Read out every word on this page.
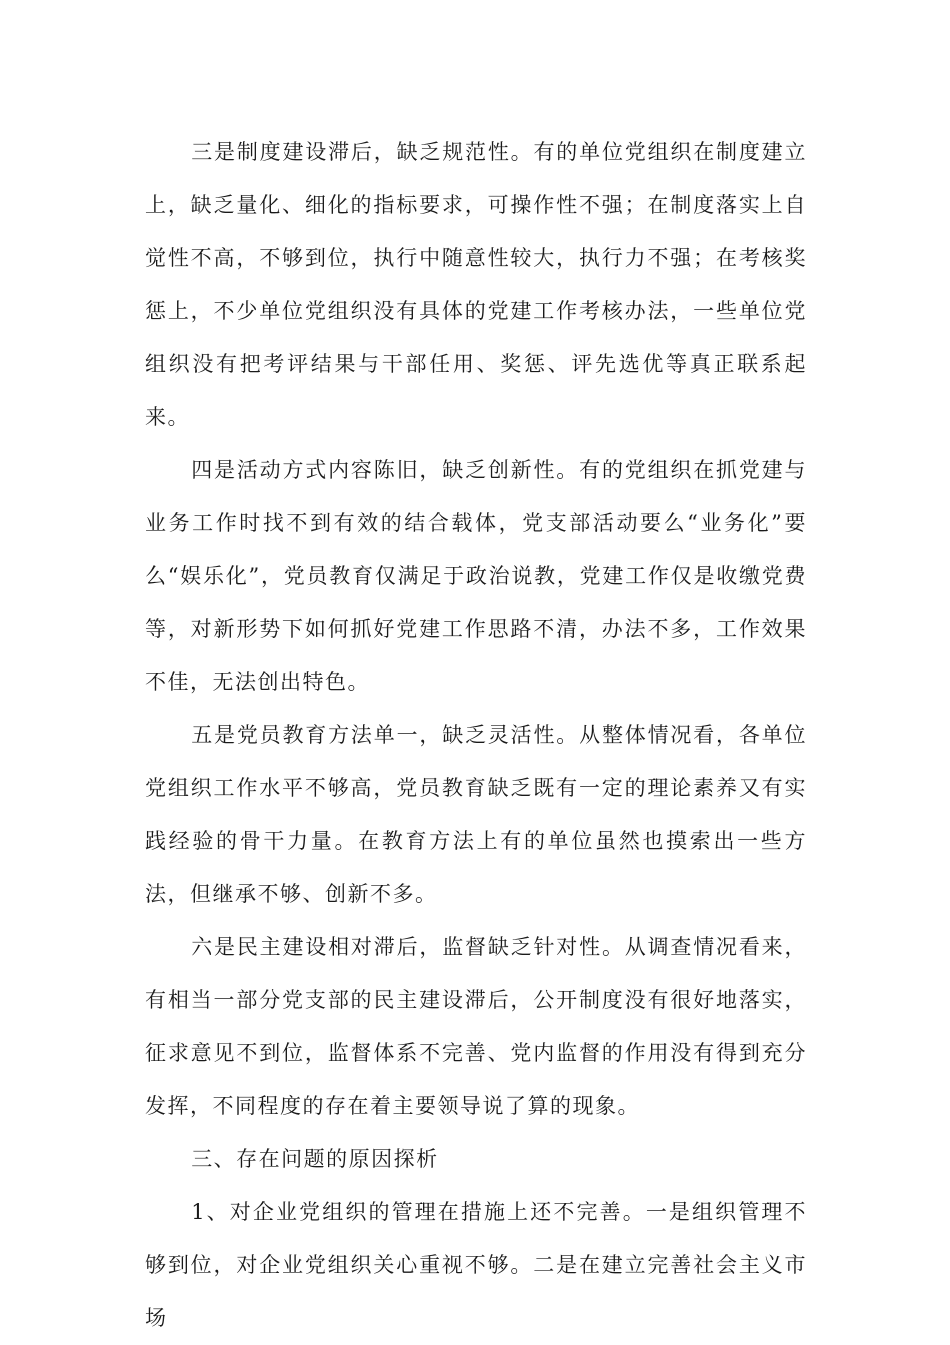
三是制度建设滞后，缺乏规范性。有的单位党组织在制度建立上，缺乏量化、细化的指标要求，可操作性不强；在制度落实上自觉性不高，不够到位，执行中随意性较大，执行力不强；在考核奖惩上，不少单位党组织没有具体的党建工作考核办法，一些单位党组织没有把考评结果与干部任用、奖惩、评先选优等真正联系起来。

四是活动方式内容陈旧，缺乏创新性。有的党组织在抓党建与业务工作时找不到有效的结合载体，党支部活动要么“业务化”要么“娱乐化”，党员教育仅满足于政治说教，党建工作仅是收缴党费等，对新形势下如何抓好党建工作思路不清，办法不多，工作效果不佳，无法创出特色。

五是党员教育方法单一，缺乏灵活性。从整体情况看，各单位党组织工作水平不够高，党员教育缺乏既有一定的理论素养又有实践经验的骨干力量。在教育方法上有的单位虽然也摸索出一些方法，但继承不够、创新不多。

六是民主建设相对滞后，监督缺乏针对性。从调查情况看来，有相当一部分党支部的民主建设滞后，公开制度没有很好地落实，征求意见不到位，监督体系不完善、党内监督的作用没有得到充分发挥，不同程度的存在着主要领导说了算的现象。

三、存在问题的原因探析

1、对企业党组织的管理在措施上还不完善。一是组织管理不够到位，对企业党组织关心重视不够。二是在建立完善社会主义市场
